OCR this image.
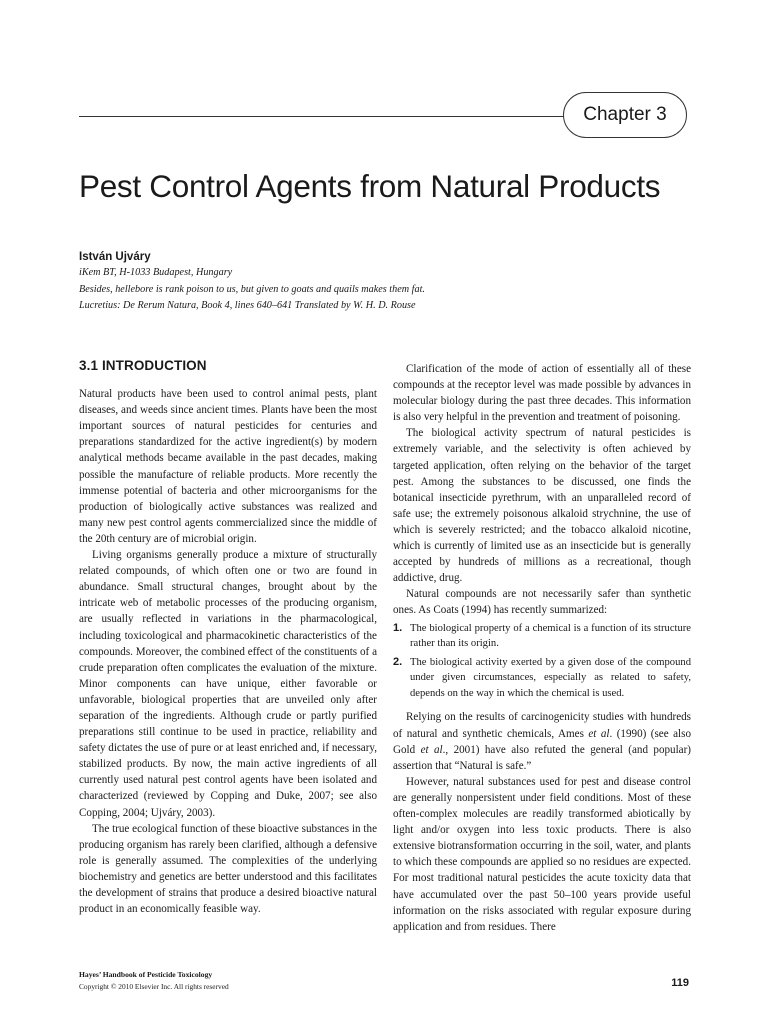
Chapter 3
Pest Control Agents from Natural Products
István Ujváry
iKem BT, H-1033 Budapest, Hungary
Besides, hellebore is rank poison to us, but given to goats and quails makes them fat.
Lucretius: De Rerum Natura, Book 4, lines 640–641 Translated by W. H. D. Rouse
3.1 INTRODUCTION

Natural products have been used to control animal pests, plant diseases, and weeds since ancient times. Plants have been the most important sources of natural pesticides for centuries and preparations standardized for the active ingredient(s) by modern analytical methods became available in the past decades, making possible the manufacture of reliable products. More recently the immense potential of bacteria and other microorganisms for the production of biologically active substances was realized and many new pest control agents commercialized since the middle of the 20th century are of microbial origin.

Living organisms generally produce a mixture of structurally related compounds, of which often one or two are found in abundance. Small structural changes, brought about by the intricate web of metabolic processes of the producing organism, are usually reflected in variations in the pharmacological, including toxicological and pharmacokinetic characteristics of the compounds. Moreover, the combined effect of the constituents of a crude preparation often complicates the evaluation of the mixture. Minor components can have unique, either favorable or unfavorable, biological properties that are unveiled only after separation of the ingredients. Although crude or partly purified preparations still continue to be used in practice, reliability and safety dictates the use of pure or at least enriched and, if necessary, stabilized products. By now, the main active ingredients of all currently used natural pest control agents have been isolated and characterized (reviewed by Copping and Duke, 2007; see also Copping, 2004; Ujváry, 2003).

The true ecological function of these bioactive substances in the producing organism has rarely been clarified, although a defensive role is generally assumed. The complexities of the underlying biochemistry and genetics are better understood and this facilitates the development of strains that produce a desired bioactive natural product in an economically feasible way.

Clarification of the mode of action of essentially all of these compounds at the receptor level was made possible by advances in molecular biology during the past three decades. This information is also very helpful in the prevention and treatment of poisoning.

The biological activity spectrum of natural pesticides is extremely variable, and the selectivity is often achieved by targeted application, often relying on the behavior of the target pest. Among the substances to be discussed, one finds the botanical insecticide pyrethrum, with an unparalleled record of safe use; the extremely poisonous alkaloid strychnine, the use of which is severely restricted; and the tobacco alkaloid nicotine, which is currently of limited use as an insecticide but is generally accepted by hundreds of millions as a recreational, though addictive, drug.

Natural compounds are not necessarily safer than synthetic ones. As Coats (1994) has recently summarized:

1. The biological property of a chemical is a function of its structure rather than its origin.
2. The biological activity exerted by a given dose of the compound under given circumstances, especially as related to safety, depends on the way in which the chemical is used.

Relying on the results of carcinogenicity studies with hundreds of natural and synthetic chemicals, Ames et al. (1990) (see also Gold et al., 2001) have also refuted the general (and popular) assertion that “Natural is safe.”

However, natural substances used for pest and disease control are generally nonpersistent under field conditions. Most of these often-complex molecules are readily transformed abiotically by light and/or oxygen into less toxic products. There is also extensive biotransformation occurring in the soil, water, and plants to which these compounds are applied so no residues are expected. For most traditional natural pesticides the acute toxicity data that have accumulated over the past 50–100 years provide useful information on the risks associated with regular exposure during application and from residues. There

Hayes’ Handbook of Pesticide Toxicology
Copyright © 2010 Elsevier Inc. All rights reserved	119
